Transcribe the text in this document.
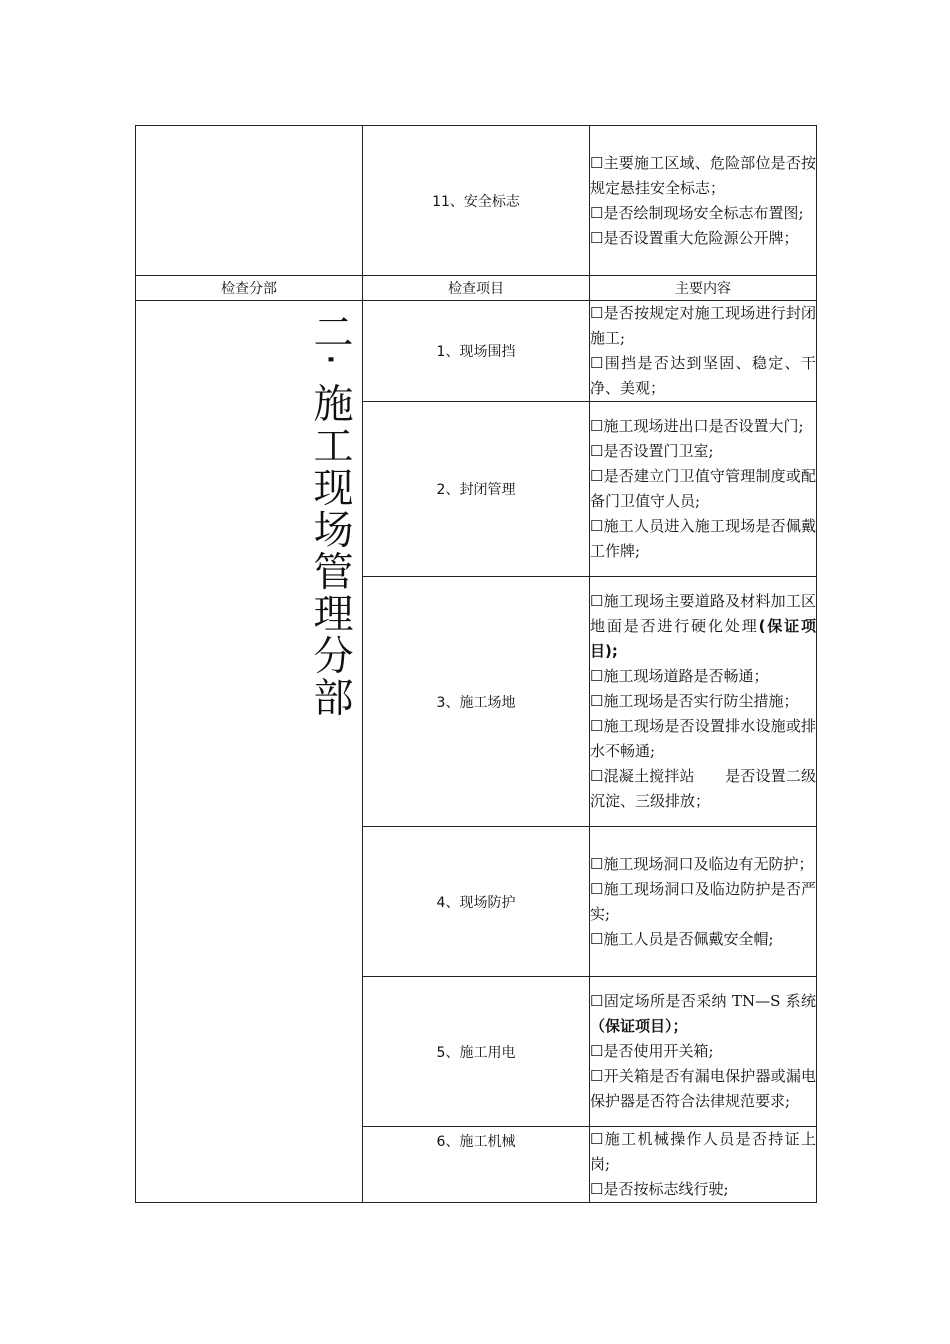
	11、安全标志	☐主要施工区域、危险部位是否按规定悬挂安全标志；

☐是否绘制现场安全标志布置图;

☐是否设置重大危险源公开牌；

检查分部	检查项目	主要内容

二· 施工现场管理分部	1、现场围挡	☐是否按规定对施工现场进行封闭施工;

☐围挡是否达到坚固、稳定、干净、美观；

	2、封闭管理	☐施工现场进出口是否设置大门;

☐是否设置门卫室;

☐是否建立门卫值守管理制度或配备门卫值守人员;

☐施工人员进入施工现场是否佩戴工作牌;

	3、施工场地	☐施工现场主要道路及材料加工区地面是否进行硬化处理(保证项目);

☐施工现场道路是否畅通；

☐施工现场是否实行防尘措施；

☐施工现场是否设置排水设施或排水不畅通;

☐混凝土搅拌站　　是否设置二级沉淀、三级排放；

	4、现场防护	☐施工现场洞口及临边有无防护；

☐施工现场洞口及临边防护是否严实;

☐施工人员是否佩戴安全帽;

	5、施工用电	☐固定场所是否采纳 TN—S 系统（保证项目）；

☐是否使用开关箱;

☐开关箱是否有漏电保护器或漏电保护器是否符合法律规范要求;

	6、施工机械	☐施工机械操作人员是否持证上岗;

☐是否按标志线行驶;
